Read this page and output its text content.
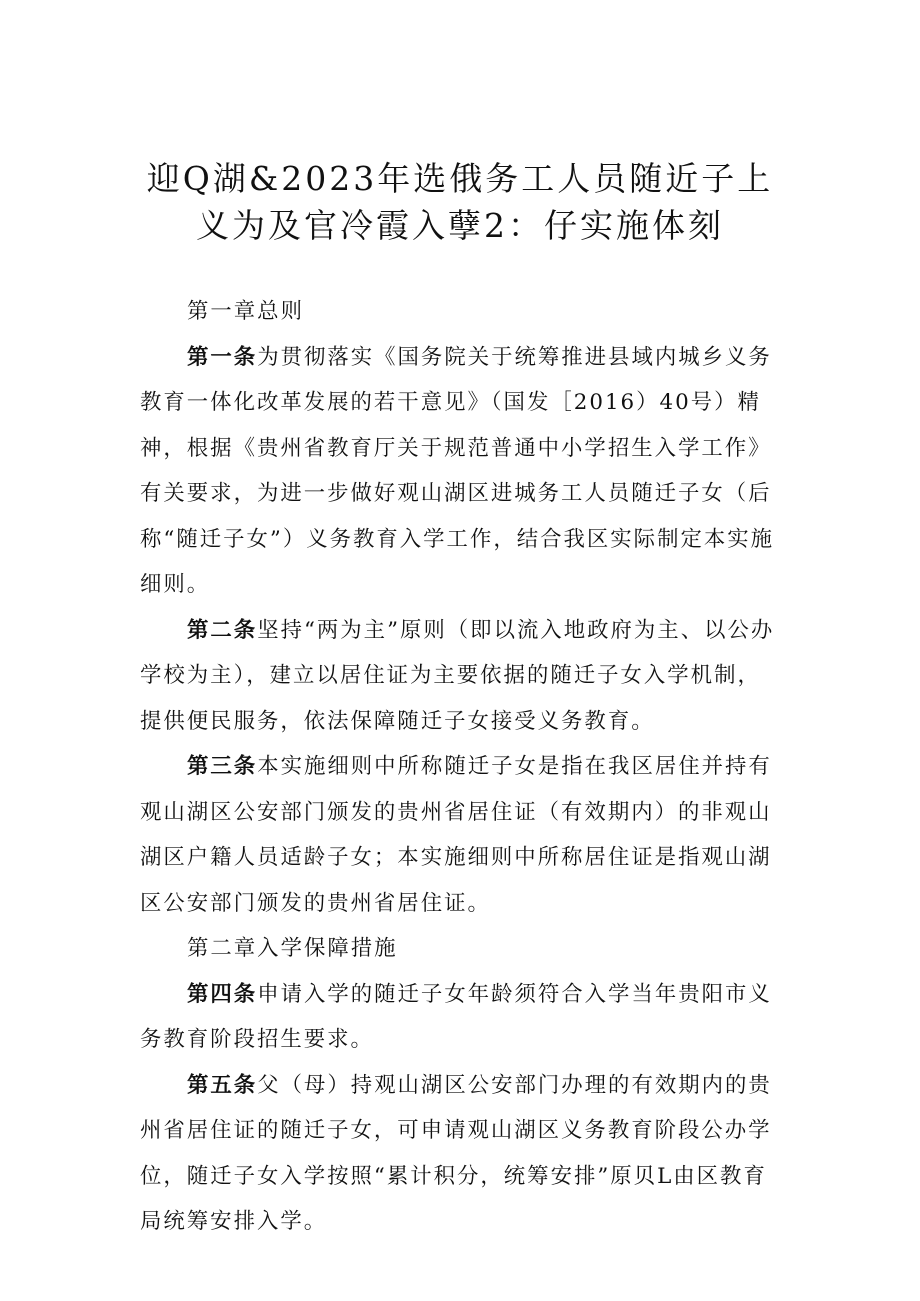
迎Q湖&2023年选俄务工人员随近子上
义为及官冷霞入孽2：仔实施体刻

第一章总则

第一条为贯彻落实《国务院关于统筹推进县域内城乡义务教育一体化改革发展的若干意见》（国发［2016）40号）精神，根据《贵州省教育厅关于规范普通中小学招生入学工作》有关要求，为进一步做好观山湖区进城务工人员随迁子女（后称“随迁子女”）义务教育入学工作，结合我区实际制定本实施细则。

第二条坚持“两为主”原则（即以流入地政府为主、以公办学校为主），建立以居住证为主要依据的随迁子女入学机制，提供便民服务，依法保障随迁子女接受义务教育。

第三条本实施细则中所称随迁子女是指在我区居住并持有观山湖区公安部门颁发的贵州省居住证（有效期内）的非观山湖区户籍人员适龄子女；本实施细则中所称居住证是指观山湖区公安部门颁发的贵州省居住证。

第二章入学保障措施

第四条申请入学的随迁子女年龄须符合入学当年贵阳市义务教育阶段招生要求。

第五条父（母）持观山湖区公安部门办理的有效期内的贵州省居住证的随迁子女，可申请观山湖区义务教育阶段公办学位，随迁子女入学按照“累计积分，统筹安排”原贝L由区教育局统筹安排入学。
